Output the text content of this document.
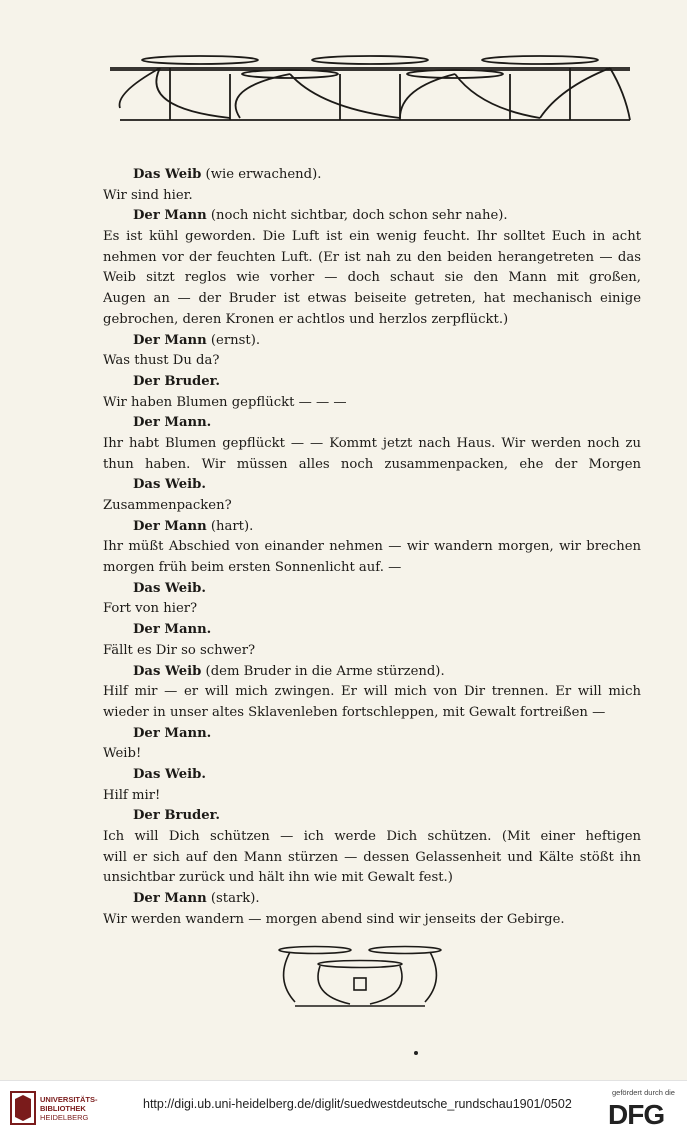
Das Weib (wie erwachend).
Wir sind hier.
Der Mann (noch nicht sichtbar, doch schon sehr nahe).
Es ist kühl geworden. Die Luft ist ein wenig feucht. Ihr solltet Euch in acht
nehmen vor der feuchten Luft. (Er ist nah zu den beiden herangetreten — das
Weib sitzt reglos wie vorher — doch schaut sie den Mann mit großen,
Augen an — der Bruder ist etwas beiseite getreten, hat mechanisch einige
gebrochen, deren Kronen er achtlos und herzlos zerpflückt.)
Der Mann (ernst).
Was thust Du da?
Der Bruder.
Wir haben Blumen gepflückt — — —
Der Mann.
Ihr habt Blumen gepflückt — — Kommt jetzt nach Haus. Wir werden noch zu
thun haben. Wir müssen alles noch zusammenpacken, ehe der Morgen
Das Weib.
Zusammenpacken?
Der Mann (hart).
Ihr müßt Abschied von einander nehmen — wir wandern morgen, wir brechen
morgen früh beim ersten Sonnenlicht auf. —
Das Weib.
Fort von hier?
Der Mann.
Fällt es Dir so schwer?
Das Weib (dem Bruder in die Arme stürzend).
Hilf mir — er will mich zwingen. Er will mich von Dir trennen. Er will mich
wieder in unser altes Sklavenleben fortschleppen, mit Gewalt fortreißen —
Der Mann.
Weib!
Das Weib.
Hilf mir!
Der Bruder.
Ich will Dich schützen — ich werde Dich schützen. (Mit einer heftigen
will er sich auf den Mann stürzen — dessen Gelassenheit und Kälte stößt ihn
unsichtbar zurück und hält ihn wie mit Gewalt fest.)
Der Mann (stark).
Wir werden wandern — morgen abend sind wir jenseits der Gebirge.
UNIVERSITÄTS-
BIBLIOTHEK
HEIDELBERG
http://digi.ub.uni-heidelberg.de/diglit/suedwestdeutsche_rundschau1901/0502
gefördert durch die
DFG
